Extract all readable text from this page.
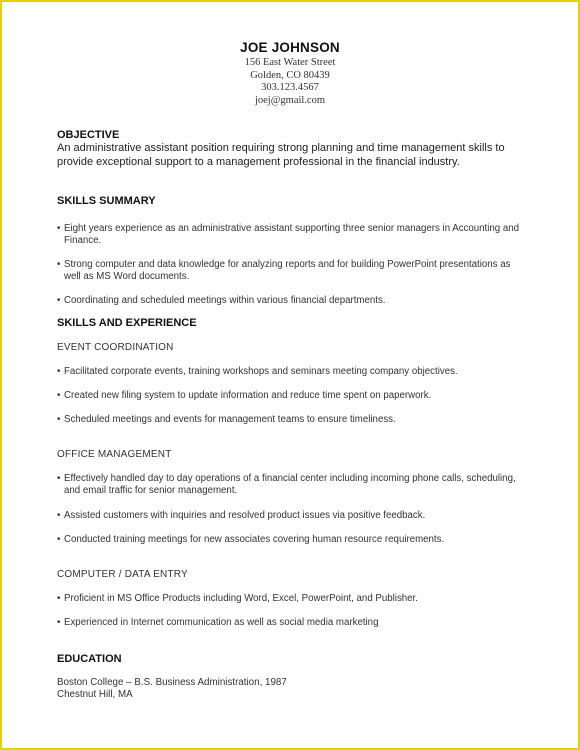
JOE JOHNSON
156 East Water Street
Golden, CO 80439
303.123.4567
joej@gmail.com
OBJECTIVE
An administrative assistant position requiring strong planning and time management skills to provide exceptional support to a management professional in the financial industry.
SKILLS SUMMARY
• Eight years experience as an administrative assistant supporting three senior managers in Accounting and Finance.
• Strong computer and data knowledge for analyzing reports and for building PowerPoint presentations as well as MS Word documents.
• Coordinating and scheduled meetings within various financial departments.
SKILLS AND EXPERIENCE
EVENT COORDINATION
• Facilitated corporate events, training workshops and seminars meeting company objectives.
• Created new filing system to update information and reduce time spent on paperwork.
• Scheduled meetings and events for management teams to ensure timeliness.
OFFICE MANAGEMENT
• Effectively handled day to day operations of a financial center including incoming phone calls, scheduling, and email traffic for senior management.
• Assisted customers with inquiries and resolved product issues via positive feedback.
• Conducted training meetings for new associates covering human resource requirements.
COMPUTER / DATA ENTRY
• Proficient in MS Office Products including Word, Excel, PowerPoint, and Publisher.
• Experienced in Internet communication as well as social media marketing
EDUCATION
Boston College – B.S. Business Administration, 1987
Chestnut Hill, MA
